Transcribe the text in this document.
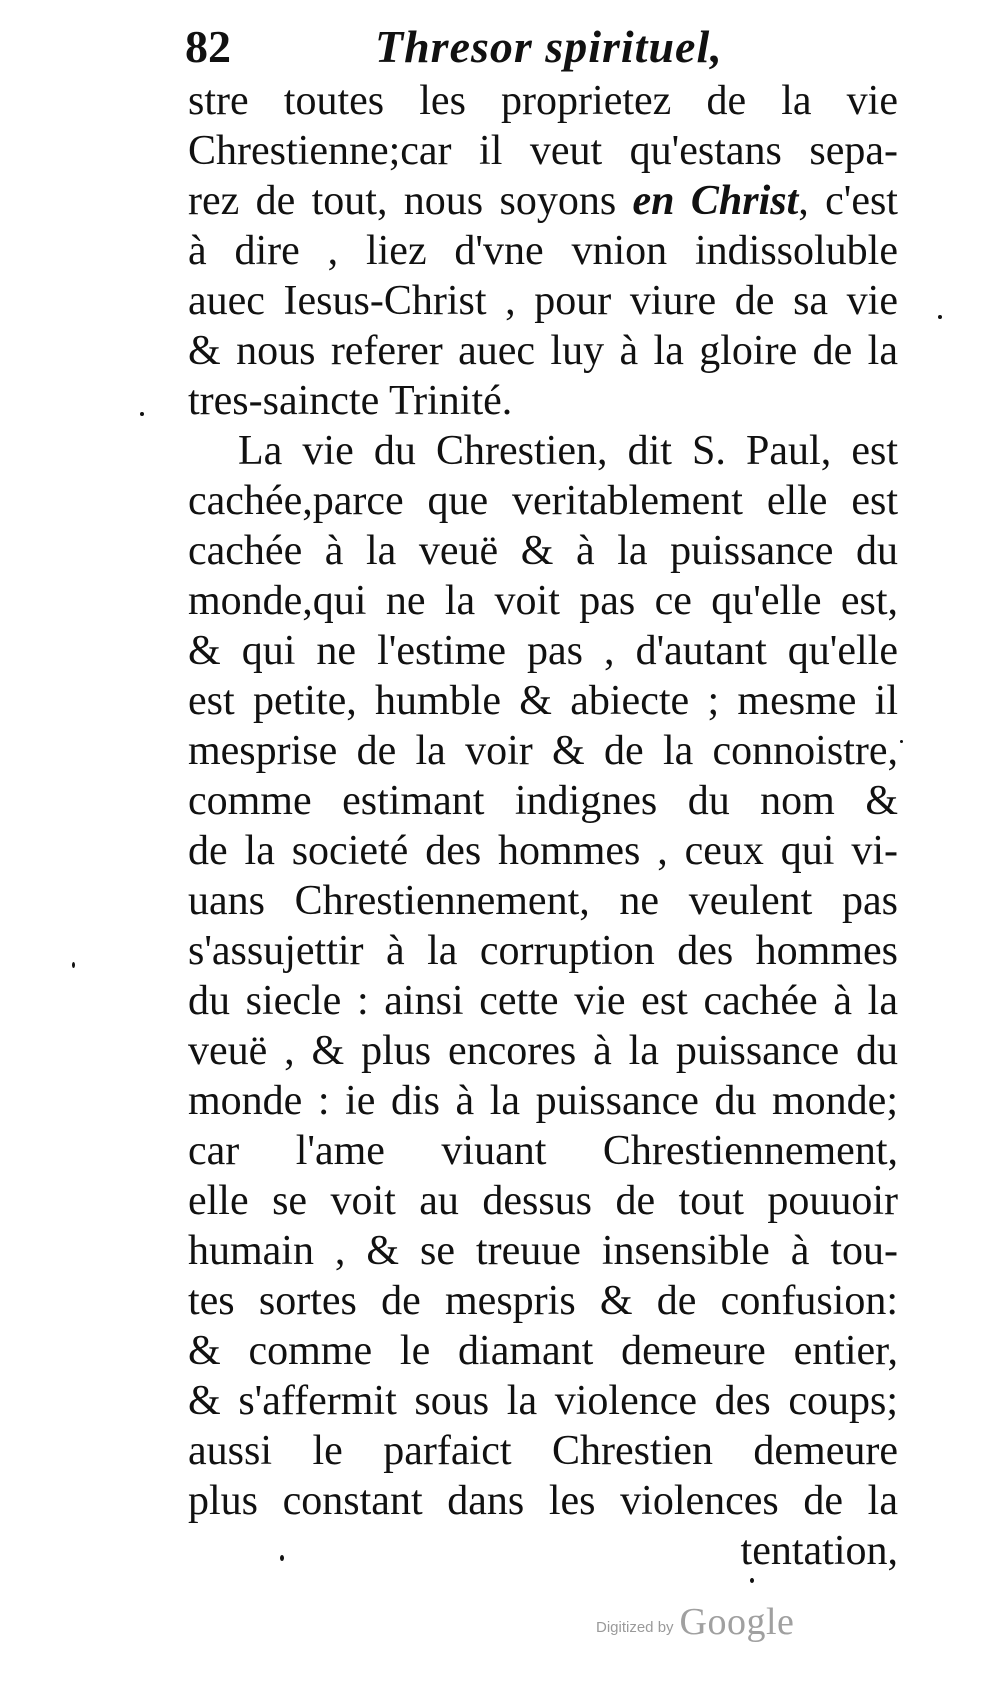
82	Thresor spirituel,
stre toutes les proprietez de la vie
Chrestienne;car il veut qu'estans sepa-
rez de tout, nous soyons en Christ, c'est
à dire , liez d'vne vnion indissoluble
auec Iesus-Christ , pour viure de sa vie
& nous referer auec luy à la gloire de la
tres-saincte Trinité.
La vie du Chrestien, dit S. Paul, est
cachée,parce que veritablement elle est
cachée à la veuë & à la puissance du
monde,qui ne la voit pas ce qu'elle est,
& qui ne l'estime pas , d'autant qu'elle
est petite, humble & abiecte ; mesme il
mesprise de la voir & de la connoistre,
comme estimant indignes du nom &
de la societé des hommes , ceux qui vi-
uans Chrestiennement, ne veulent pas
s'assujettir à la corruption des hommes
du siecle : ainsi cette vie est cachée à la
veuë , & plus encores à la puissance du
monde : ie dis à la puissance du monde;
car l'ame viuant Chrestiennement,
elle se voit au dessus de tout pouuoir
humain , & se treuue insensible à tou-
tes sortes de mespris & de confusion:
& comme le diamant demeure entier,
& s'affermit sous la violence des coups;
aussi le parfaict Chrestien demeure
plus constant dans les violences de la
tentation,
Digitized by Google
